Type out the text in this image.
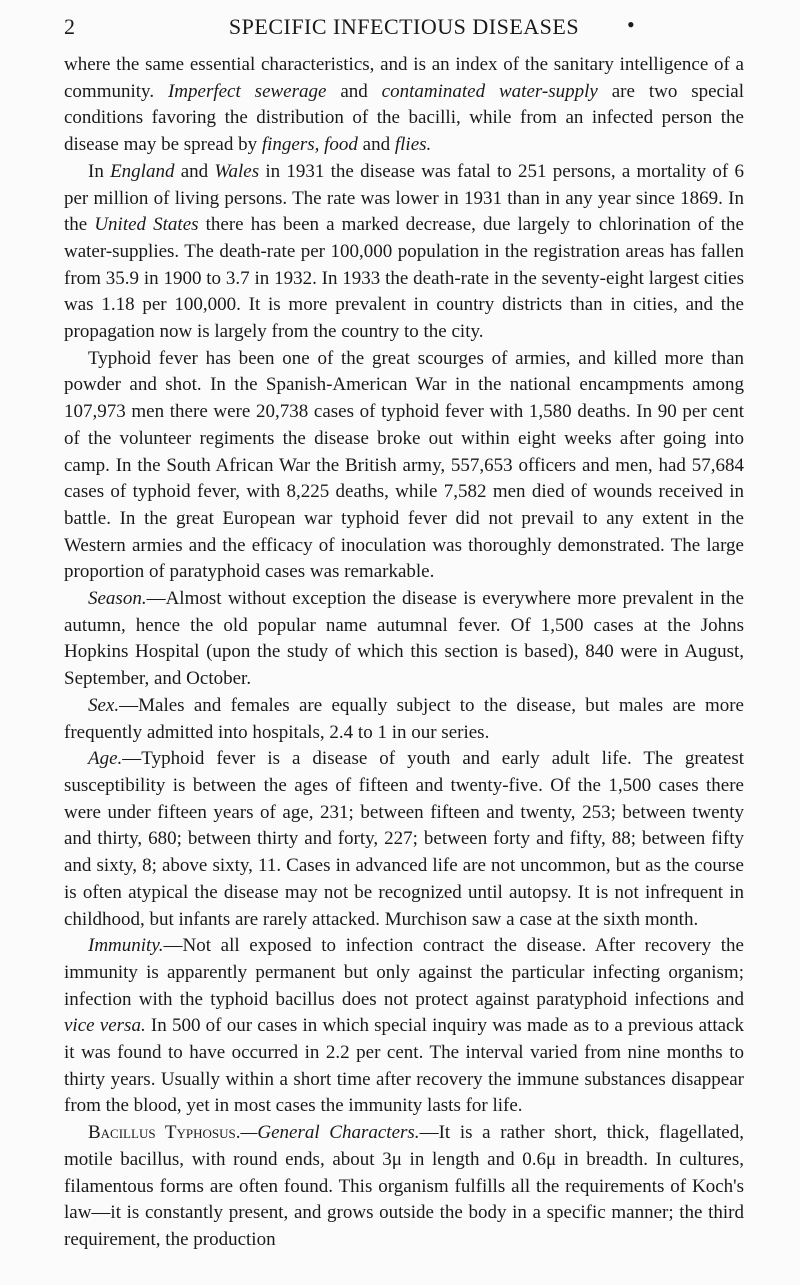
2	SPECIFIC INFECTIOUS DISEASES	•

where the same essential characteristics, and is an index of the sanitary intelligence of a community. Imperfect sewerage and contaminated water-supply are two special conditions favoring the distribution of the bacilli, while from an infected person the disease may be spread by fingers, food and flies.

In England and Wales in 1931 the disease was fatal to 251 persons, a mortality of 6 per million of living persons. The rate was lower in 1931 than in any year since 1869. In the United States there has been a marked decrease, due largely to chlorination of the water-supplies. The death-rate per 100,000 population in the registration areas has fallen from 35.9 in 1900 to 3.7 in 1932. In 1933 the death-rate in the seventy-eight largest cities was 1.18 per 100,000. It is more prevalent in country districts than in cities, and the propagation now is largely from the country to the city.

Typhoid fever has been one of the great scourges of armies, and killed more than powder and shot. In the Spanish-American War in the national encampments among 107,973 men there were 20,738 cases of typhoid fever with 1,580 deaths. In 90 per cent of the volunteer regiments the disease broke out within eight weeks after going into camp. In the South African War the British army, 557,653 officers and men, had 57,684 cases of typhoid fever, with 8,225 deaths, while 7,582 men died of wounds received in battle. In the great European war typhoid fever did not prevail to any extent in the Western armies and the efficacy of inoculation was thoroughly demonstrated. The large proportion of paratyphoid cases was remarkable.

Season.—Almost without exception the disease is everywhere more prevalent in the autumn, hence the old popular name autumnal fever. Of 1,500 cases at the Johns Hopkins Hospital (upon the study of which this section is based), 840 were in August, September, and October.

Sex.—Males and females are equally subject to the disease, but males are more frequently admitted into hospitals, 2.4 to 1 in our series.

Age.—Typhoid fever is a disease of youth and early adult life. The greatest susceptibility is between the ages of fifteen and twenty-five. Of the 1,500 cases there were under fifteen years of age, 231; between fifteen and twenty, 253; between twenty and thirty, 680; between thirty and forty, 227; between forty and fifty, 88; between fifty and sixty, 8; above sixty, 11. Cases in advanced life are not uncommon, but as the course is often atypical the disease may not be recognized until autopsy. It is not infrequent in childhood, but infants are rarely attacked. Murchison saw a case at the sixth month.

Immunity.—Not all exposed to infection contract the disease. After recovery the immunity is apparently permanent but only against the particular infecting organism; infection with the typhoid bacillus does not protect against paratyphoid infections and vice versa. In 500 of our cases in which special inquiry was made as to a previous attack it was found to have occurred in 2.2 per cent. The interval varied from nine months to thirty years. Usually within a short time after recovery the immune substances disappear from the blood, yet in most cases the immunity lasts for life.

Bacillus Typhosus.—General Characters.—It is a rather short, thick, flagellated, motile bacillus, with round ends, about 3μ in length and 0.6μ in breadth. In cultures, filamentous forms are often found. This organism fulfills all the requirements of Koch's law—it is constantly present, and grows outside the body in a specific manner; the third requirement, the production
